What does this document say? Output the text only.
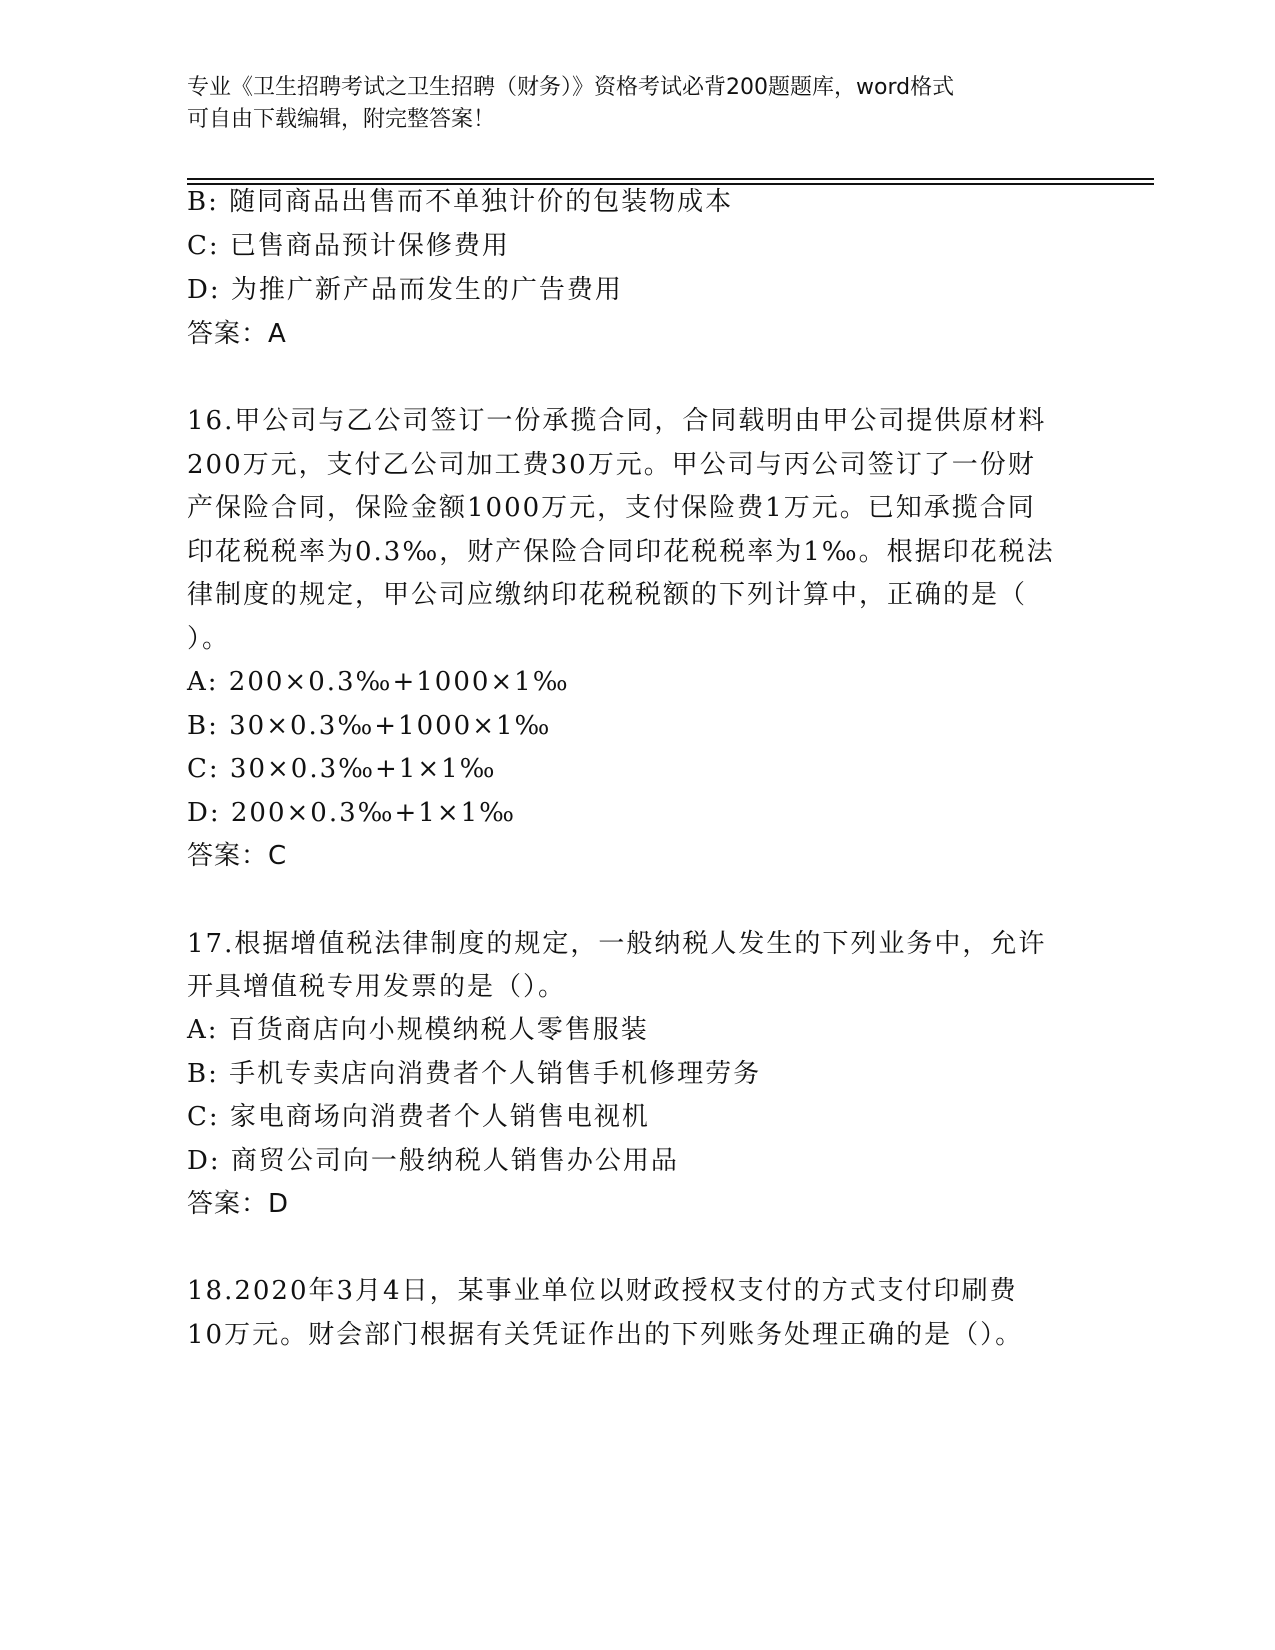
专业《卫生招聘考试之卫生招聘（财务）》资格考试必背200题题库，word格式
可自由下载编辑，附完整答案！
B: 随同商品出售而不单独计价的包装物成本
C: 已售商品预计保修费用
D: 为推广新产品而发生的广告费用
答案：A
16.甲公司与乙公司签订一份承揽合同，合同载明由甲公司提供原材料
200万元，支付乙公司加工费30万元。甲公司与丙公司签订了一份财
产保险合同，保险金额1000万元，支付保险费1万元。已知承揽合同
印花税税率为0.3‰，财产保险合同印花税税率为1‰。根据印花税法
律制度的规定，甲公司应缴纳印花税税额的下列计算中，正确的是（
）。
A: 200×0.3‰+1000×1‰
B: 30×0.3‰+1000×1‰
C: 30×0.3‰+1×1‰
D: 200×0.3‰+1×1‰
答案：C
17.根据增值税法律制度的规定，一般纳税人发生的下列业务中，允许
开具增值税专用发票的是（）。
A: 百货商店向小规模纳税人零售服装
B: 手机专卖店向消费者个人销售手机修理劳务
C: 家电商场向消费者个人销售电视机
D: 商贸公司向一般纳税人销售办公用品
答案：D
18.2020年3月4日，某事业单位以财政授权支付的方式支付印刷费
10万元。财会部门根据有关凭证作出的下列账务处理正确的是（）。
